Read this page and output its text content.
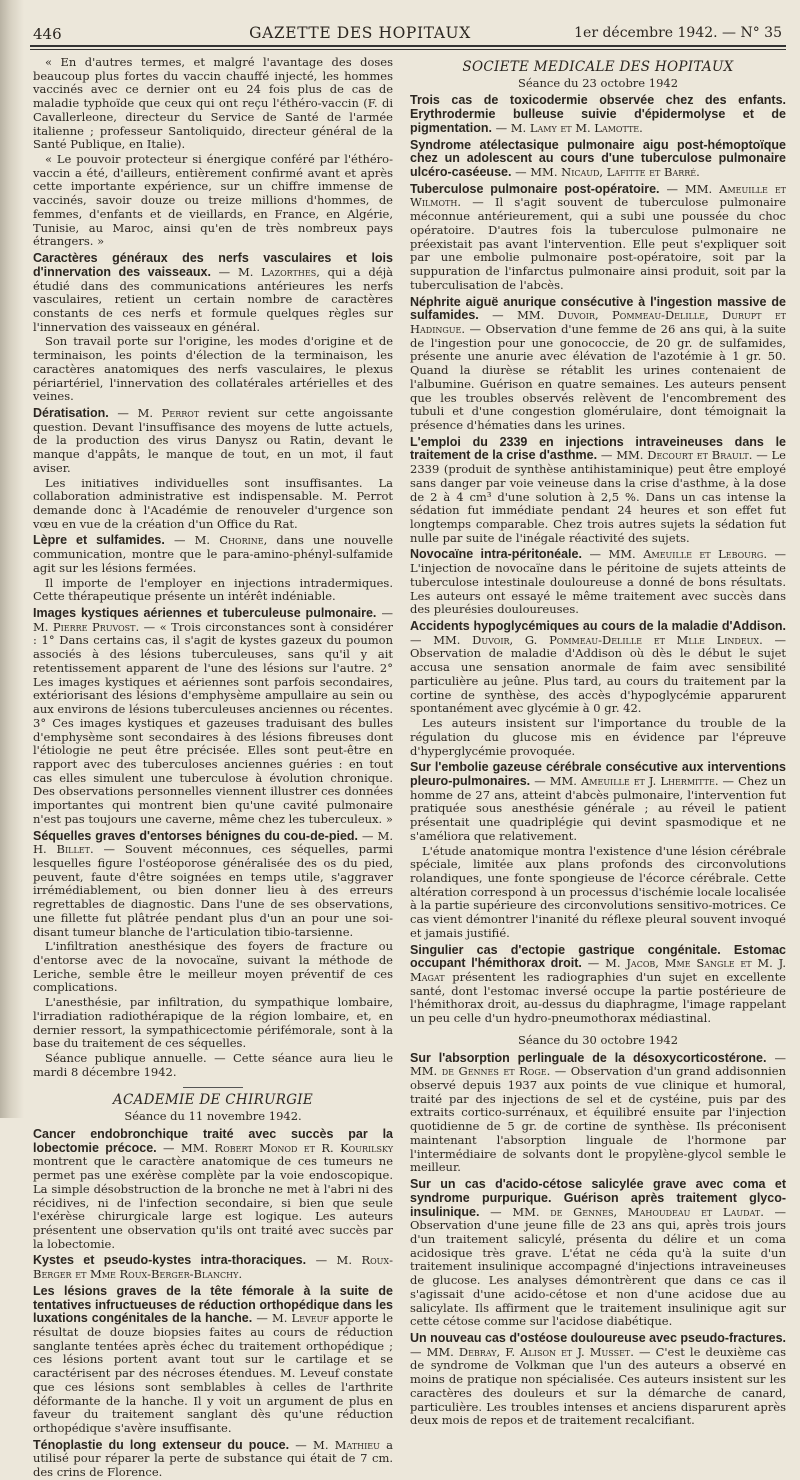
446	GAZETTE DES HOPITAUX	1er décembre 1942. — N° 35

« En d'autres termes, et malgré l'avantage des doses beaucoup plus fortes du vaccin chauffé injecté, les hommes vaccinés avec ce dernier ont eu 24 fois plus de cas de maladie typhoïde que ceux qui ont reçu l'éthéro-vaccin (F. di Cavallerleone, directeur du Service de Santé de l'armée italienne ; professeur Santoliquido, directeur général de la Santé Publique, en Italie).

« Le pouvoir protecteur si énergique conféré par l'éthéro-vaccin a été, d'ailleurs, entièrement confirmé avant et après cette importante expérience, sur un chiffre immense de vaccinés, savoir douze ou treize millions d'hommes, de femmes, d'enfants et de vieillards, en France, en Algérie, Tunisie, au Maroc, ainsi qu'en de très nombreux pays étrangers. »

Caractères généraux des nerfs vasculaires et lois d'innervation des vaisseaux. — M. Lazorthes, qui a déjà étudié dans des communications antérieures les nerfs vasculaires, retient un certain nombre de caractères constants de ces nerfs et formule quelques règles sur l'innervation des vaisseaux en général.

Son travail porte sur l'origine, les modes d'origine et de terminaison, les points d'élection de la terminaison, les caractères anatomiques des nerfs vasculaires, le plexus périartériel, l'innervation des collatérales artérielles et des veines.

Dératisation. — M. Perrot revient sur cette angoissante question. Devant l'insuffisance des moyens de lutte actuels, de la production des virus Danysz ou Ratin, devant le manque d'appâts, le manque de tout, en un mot, il faut aviser.

Les initiatives individuelles sont insuffisantes. La collaboration administrative est indispensable. M. Perrot demande donc à l'Académie de renouveler d'urgence son vœu en vue de la création d'un Office du Rat.

Lèpre et sulfamides. — M. Chorine, dans une nouvelle communication, montre que le para-amino-phényl-sulfamide agit sur les lésions fermées.

Il importe de l'employer en injections intradermiques. Cette thérapeutique présente un intérêt indéniable.

Images kystiques aériennes et tuberculeuse pulmonaire. — M. Pierre Pruvost. — « Trois circonstances sont à considérer : 1° Dans certains cas, il s'agit de kystes gazeux du poumon associés à des lésions tuberculeuses, sans qu'il y ait retentissement apparent de l'une des lésions sur l'autre. 2° Les images kystiques et aériennes sont parfois secondaires, extériorisant des lésions d'emphysème ampullaire au sein ou aux environs de lésions tuberculeuses anciennes ou récentes. 3° Ces images kystiques et gazeuses traduisant des bulles d'emphysème sont secondaires à des lésions fibreuses dont l'étiologie ne peut être précisée. Elles sont peut-être en rapport avec des tuberculoses anciennes guéries : en tout cas elles simulent une tuberculose à évolution chronique. Des observations personnelles viennent illustrer ces données importantes qui montrent bien qu'une cavité pulmonaire n'est pas toujours une caverne, même chez les tuberculeux. »

Séquelles graves d'entorses bénignes du cou-de-pied. — M. H. Billet. — Souvent méconnues, ces séquelles, parmi lesquelles figure l'ostéoporose généralisée des os du pied, peuvent, faute d'être soignées en temps utile, s'aggraver irrémédiablement, ou bien donner lieu à des erreurs regrettables de diagnostic. Dans l'une de ses observations, une fillette fut plâtrée pendant plus d'un an pour une soi-disant tumeur blanche de l'articulation tibio-tarsienne.

L'infiltration anesthésique des foyers de fracture ou d'entorse avec de la novocaïne, suivant la méthode de Leriche, semble être le meilleur moyen préventif de ces complications.

L'anesthésie, par infiltration, du sympathique lombaire, l'irradiation radiothérapique de la région lombaire, et, en dernier ressort, la sympathicectomie périfémorale, sont à la base du traitement de ces séquelles.

Séance publique annuelle. — Cette séance aura lieu le mardi 8 décembre 1942.

ACADEMIE DE CHIRURGIE
Séance du 11 novembre 1942.

Cancer endobronchique traité avec succès par la lobectomie précoce. — MM. Robert Monod et R. Kourilsky montrent que le caractère anatomique de ces tumeurs ne permet pas une exérèse complète par la voie endoscopique. La simple désobstruction de la bronche ne met à l'abri ni des récidives, ni de l'infection secondaire, si bien que seule l'exérèse chirurgicale large est logique. Les auteurs présentent une observation qu'ils ont traité avec succès par la lobectomie.

Kystes et pseudo-kystes intra-thoraciques. — M. Roux-Berger et Mme Roux-Berger-Blanchy.

Les lésions graves de la tête fémorale à la suite de tentatives infructueuses de réduction orthopédique dans les luxations congénitales de la hanche. — M. Leveuf apporte le résultat de douze biopsies faites au cours de réduction sanglante tentées après échec du traitement orthopédique ; ces lésions portent avant tout sur le cartilage et se caractérisent par des nécroses étendues. M. Leveuf constate que ces lésions sont semblables à celles de l'arthrite déformante de la hanche. Il y voit un argument de plus en faveur du traitement sanglant dès qu'une réduction orthopédique s'avère insuffisante.

Ténoplastie du long extenseur du pouce. — M. Mathieu a utilisé pour réparer la perte de substance qui était de 7 cm. des crins de Florence.

SOCIETE MEDICALE DES HOPITAUX
Séance du 23 octobre 1942

Trois cas de toxicodermie observée chez des enfants. Erythrodermie bulleuse suivie d'épidermolyse et de pigmentation. — M. Lamy et M. Lamotte.

Syndrome atélectasique pulmonaire aigu post-hémoptoïque chez un adolescent au cours d'une tuberculose pulmonaire ulcéro-caséeuse. — MM. Nicaud, Lafitte et Barré.

Tuberculose pulmonaire post-opératoire. — MM. Ameuille et Wilmoth. — Il s'agit souvent de tuberculose pulmonaire méconnue antérieurement, qui a subi une poussée du choc opératoire. D'autres fois la tuberculose pulmonaire ne préexistait pas avant l'intervention. Elle peut s'expliquer soit par une embolie pulmonaire post-opératoire, soit par la suppuration de l'infarctus pulmonaire ainsi produit, soit par la tuberculisation de l'abcès.

Néphrite aiguë anurique consécutive à l'ingestion massive de sulfamides. — MM. Duvoir, Pommeau-Delille, Durupt et Hadingue. — Observation d'une femme de 26 ans qui, à la suite de l'ingestion pour une gonococcie, de 20 gr. de sulfamides, présente une anurie avec élévation de l'azotémie à 1 gr. 50. Quand la diurèse se rétablit les urines contenaient de l'albumine. Guérison en quatre semaines. Les auteurs pensent que les troubles observés relèvent de l'encombrement des tubuli et d'une congestion glomérulaire, dont témoignait la présence d'hématies dans les urines.

L'emploi du 2339 en injections intraveineuses dans le traitement de la crise d'asthme. — MM. Decourt et Brault. — Le 2339 (produit de synthèse antihistaminique) peut être employé sans danger par voie veineuse dans la crise d'asthme, à la dose de 2 à 4 cm³ d'une solution à 2,5 %. Dans un cas intense la sédation fut immédiate pendant 24 heures et son effet fut longtemps comparable. Chez trois autres sujets la sédation fut nulle par suite de l'inégale réactivité des sujets.

Novocaïne intra-péritonéale. — MM. Ameuille et Lebourg. — L'injection de novocaïne dans le péritoine de sujets atteints de tuberculose intestinale douloureuse a donné de bons résultats. Les auteurs ont essayé le même traitement avec succès dans des pleurésies douloureuses.

Accidents hypoglycémiques au cours de la maladie d'Addison. — MM. Duvoir, G. Pommeau-Delille et Mlle Lindeux. — Observation de maladie d'Addison où dès le début le sujet accusa une sensation anormale de faim avec sensibilité particulière au jeûne. Plus tard, au cours du traitement par la cortine de synthèse, des accès d'hypoglycémie apparurent spontanément avec glycémie à 0 gr. 42.

Les auteurs insistent sur l'importance du trouble de la régulation du glucose mis en évidence par l'épreuve d'hyperglycémie provoquée.

Sur l'embolie gazeuse cérébrale consécutive aux interventions pleuro-pulmonaires. — MM. Ameuille et J. Lhermitte. — Chez un homme de 27 ans, atteint d'abcès pulmonaire, l'intervention fut pratiquée sous anesthésie générale ; au réveil le patient présentait une quadriplégie qui devint spasmodique et ne s'améliora que relativement.

L'étude anatomique montra l'existence d'une lésion cérébrale spéciale, limitée aux plans profonds des circonvolutions rolandiques, une fonte spongieuse de l'écorce cérébrale. Cette altération correspond à un processus d'ischémie locale localisée à la partie supérieure des circonvolutions sensitivo-motrices. Ce cas vient démontrer l'inanité du réflexe pleural souvent invoqué et jamais justifié.

Singulier cas d'ectopie gastrique congénitale. Estomac occupant l'hémithorax droit. — M. Jacob, Mme Sangle et M. J. Magat présentent les radiographies d'un sujet en excellente santé, dont l'estomac inversé occupe la partie postérieure de l'hémithorax droit, au-dessus du diaphragme, l'image rappelant un peu celle d'un hydro-pneumothorax médiastinal.

Séance du 30 octobre 1942

Sur l'absorption perlinguale de la désoxycorticostérone. — MM. de Gennes et Roge. — Observation d'un grand addisonnien observé depuis 1937 aux points de vue clinique et humoral, traité par des injections de sel et de cystéine, puis par des extraits cortico-surrénaux, et équilibré ensuite par l'injection quotidienne de 5 gr. de cortine de synthèse. Ils préconisent maintenant l'absorption linguale de l'hormone par l'intermédiaire de solvants dont le propylène-glycol semble le meilleur.

Sur un cas d'acido-cétose salicylée grave avec coma et syndrome purpurique. Guérison après traitement glyco-insulinique. — MM. de Gennes, Mahoudeau et Laudat. — Observation d'une jeune fille de 23 ans qui, après trois jours d'un traitement salicylé, présenta du délire et un coma acidosique très grave. L'état ne céda qu'à la suite d'un traitement insulinique accompagné d'injections intraveineuses de glucose. Les analyses démontrèrent que dans ce cas il s'agissait d'une acido-cétose et non d'une acidose due au salicylate. Ils affirment que le traitement insulinique agit sur cette cétose comme sur l'acidose diabétique.

Un nouveau cas d'ostéose douloureuse avec pseudo-fractures. — MM. Debray, F. Alison et J. Musset. — C'est le deuxième cas de syndrome de Volkman que l'un des auteurs a observé en moins de pratique non spécialisée. Ces auteurs insistent sur les caractères des douleurs et sur la démarche de canard, particulière. Les troubles intenses et anciens disparurent après deux mois de repos et de traitement recalcifiant.
